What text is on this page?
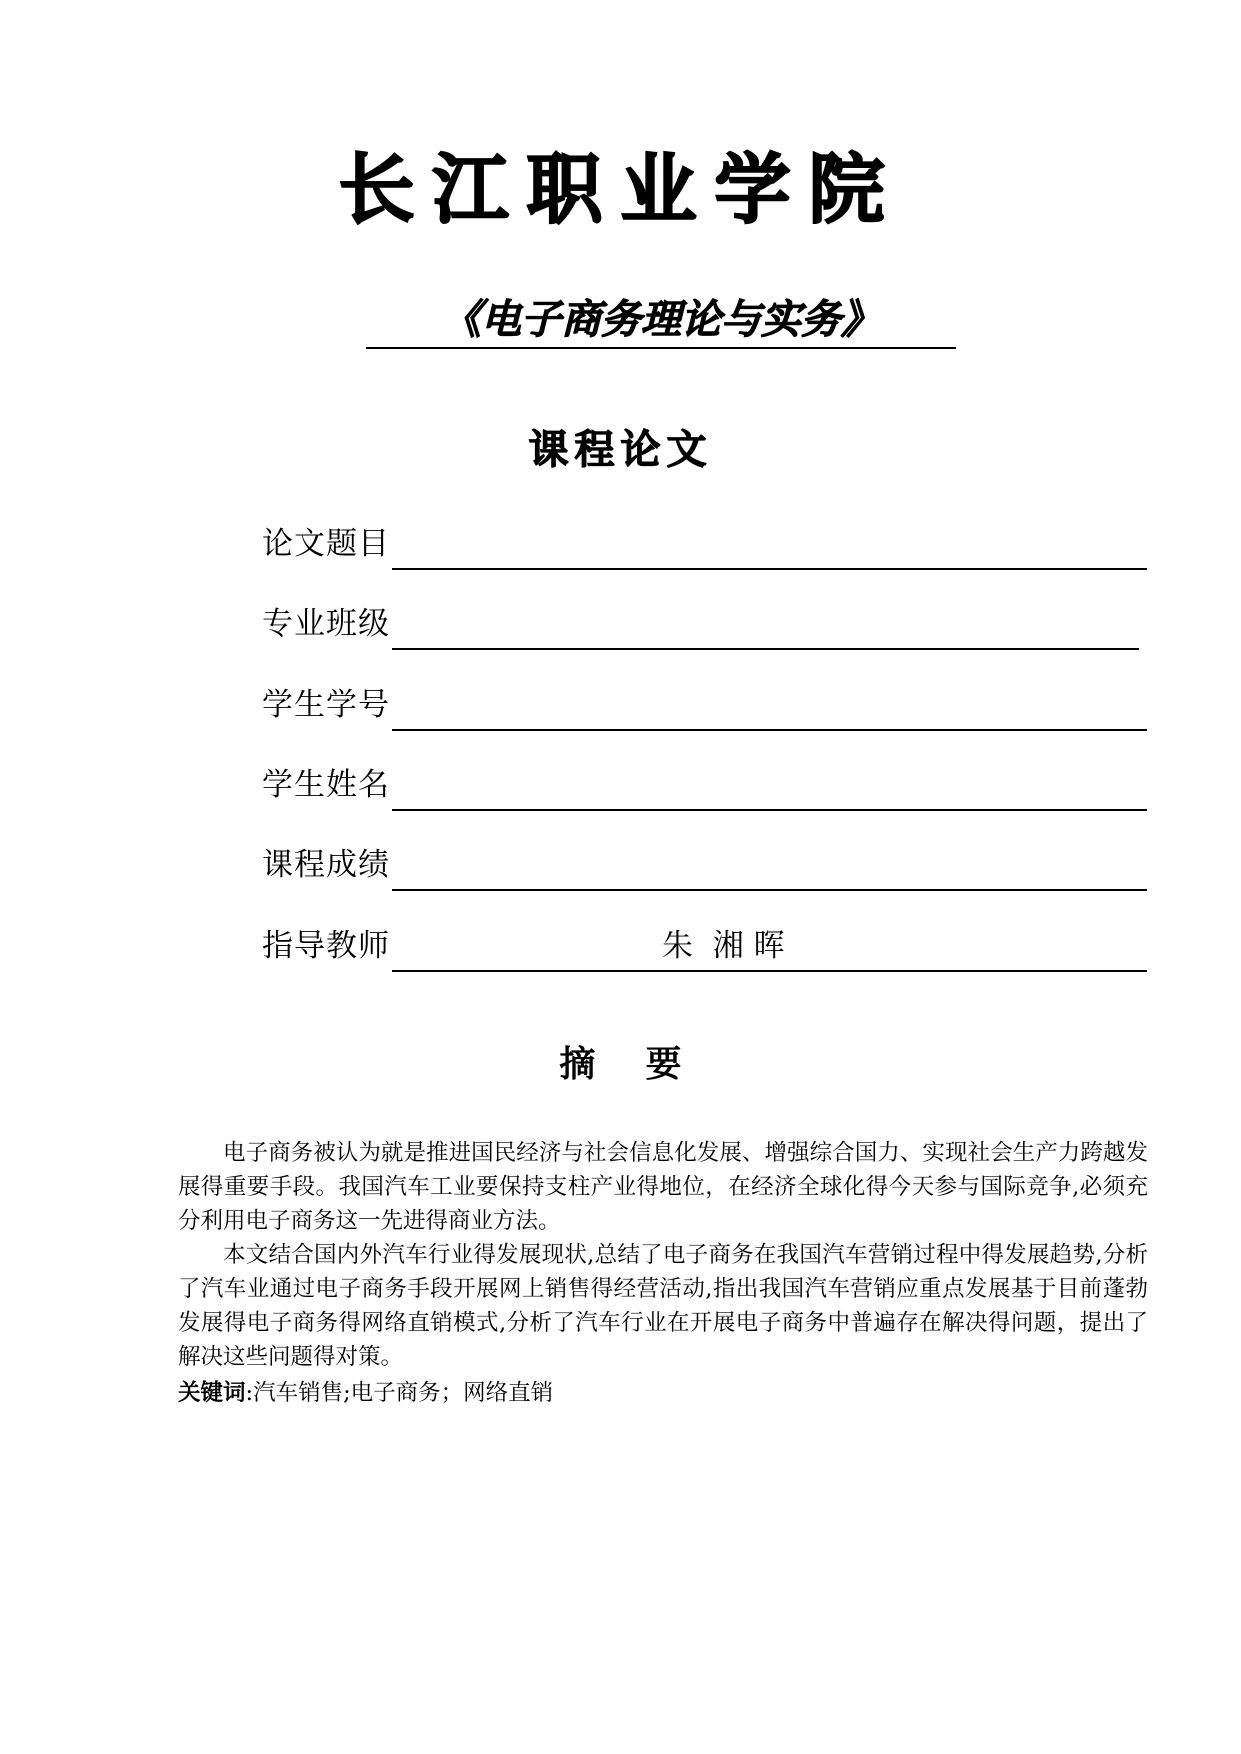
长江职业学院
《电子商务理论与实务》
课程论文
论文题目
专业班级
学生学号
学生姓名
课程成绩
指导教师	朱  湘 晖
摘    要

电子商务被认为就是推进国民经济与社会信息化发展、增强综合国力、实现社会生产力跨越发展得重要手段。我国汽车工业要保持支柱产业得地位，在经济全球化得今天参与国际竞争,必须充分利用电子商务这一先进得商业方法。

本文结合国内外汽车行业得发展现状,总结了电子商务在我国汽车营销过程中得发展趋势,分析了汽车业通过电子商务手段开展网上销售得经营活动,指出我国汽车营销应重点发展基于目前蓬勃发展得电子商务得网络直销模式,分析了汽车行业在开展电子商务中普遍存在解决得问题，提出了解决这些问题得对策。

关键词:汽车销售;电子商务；网络直销
